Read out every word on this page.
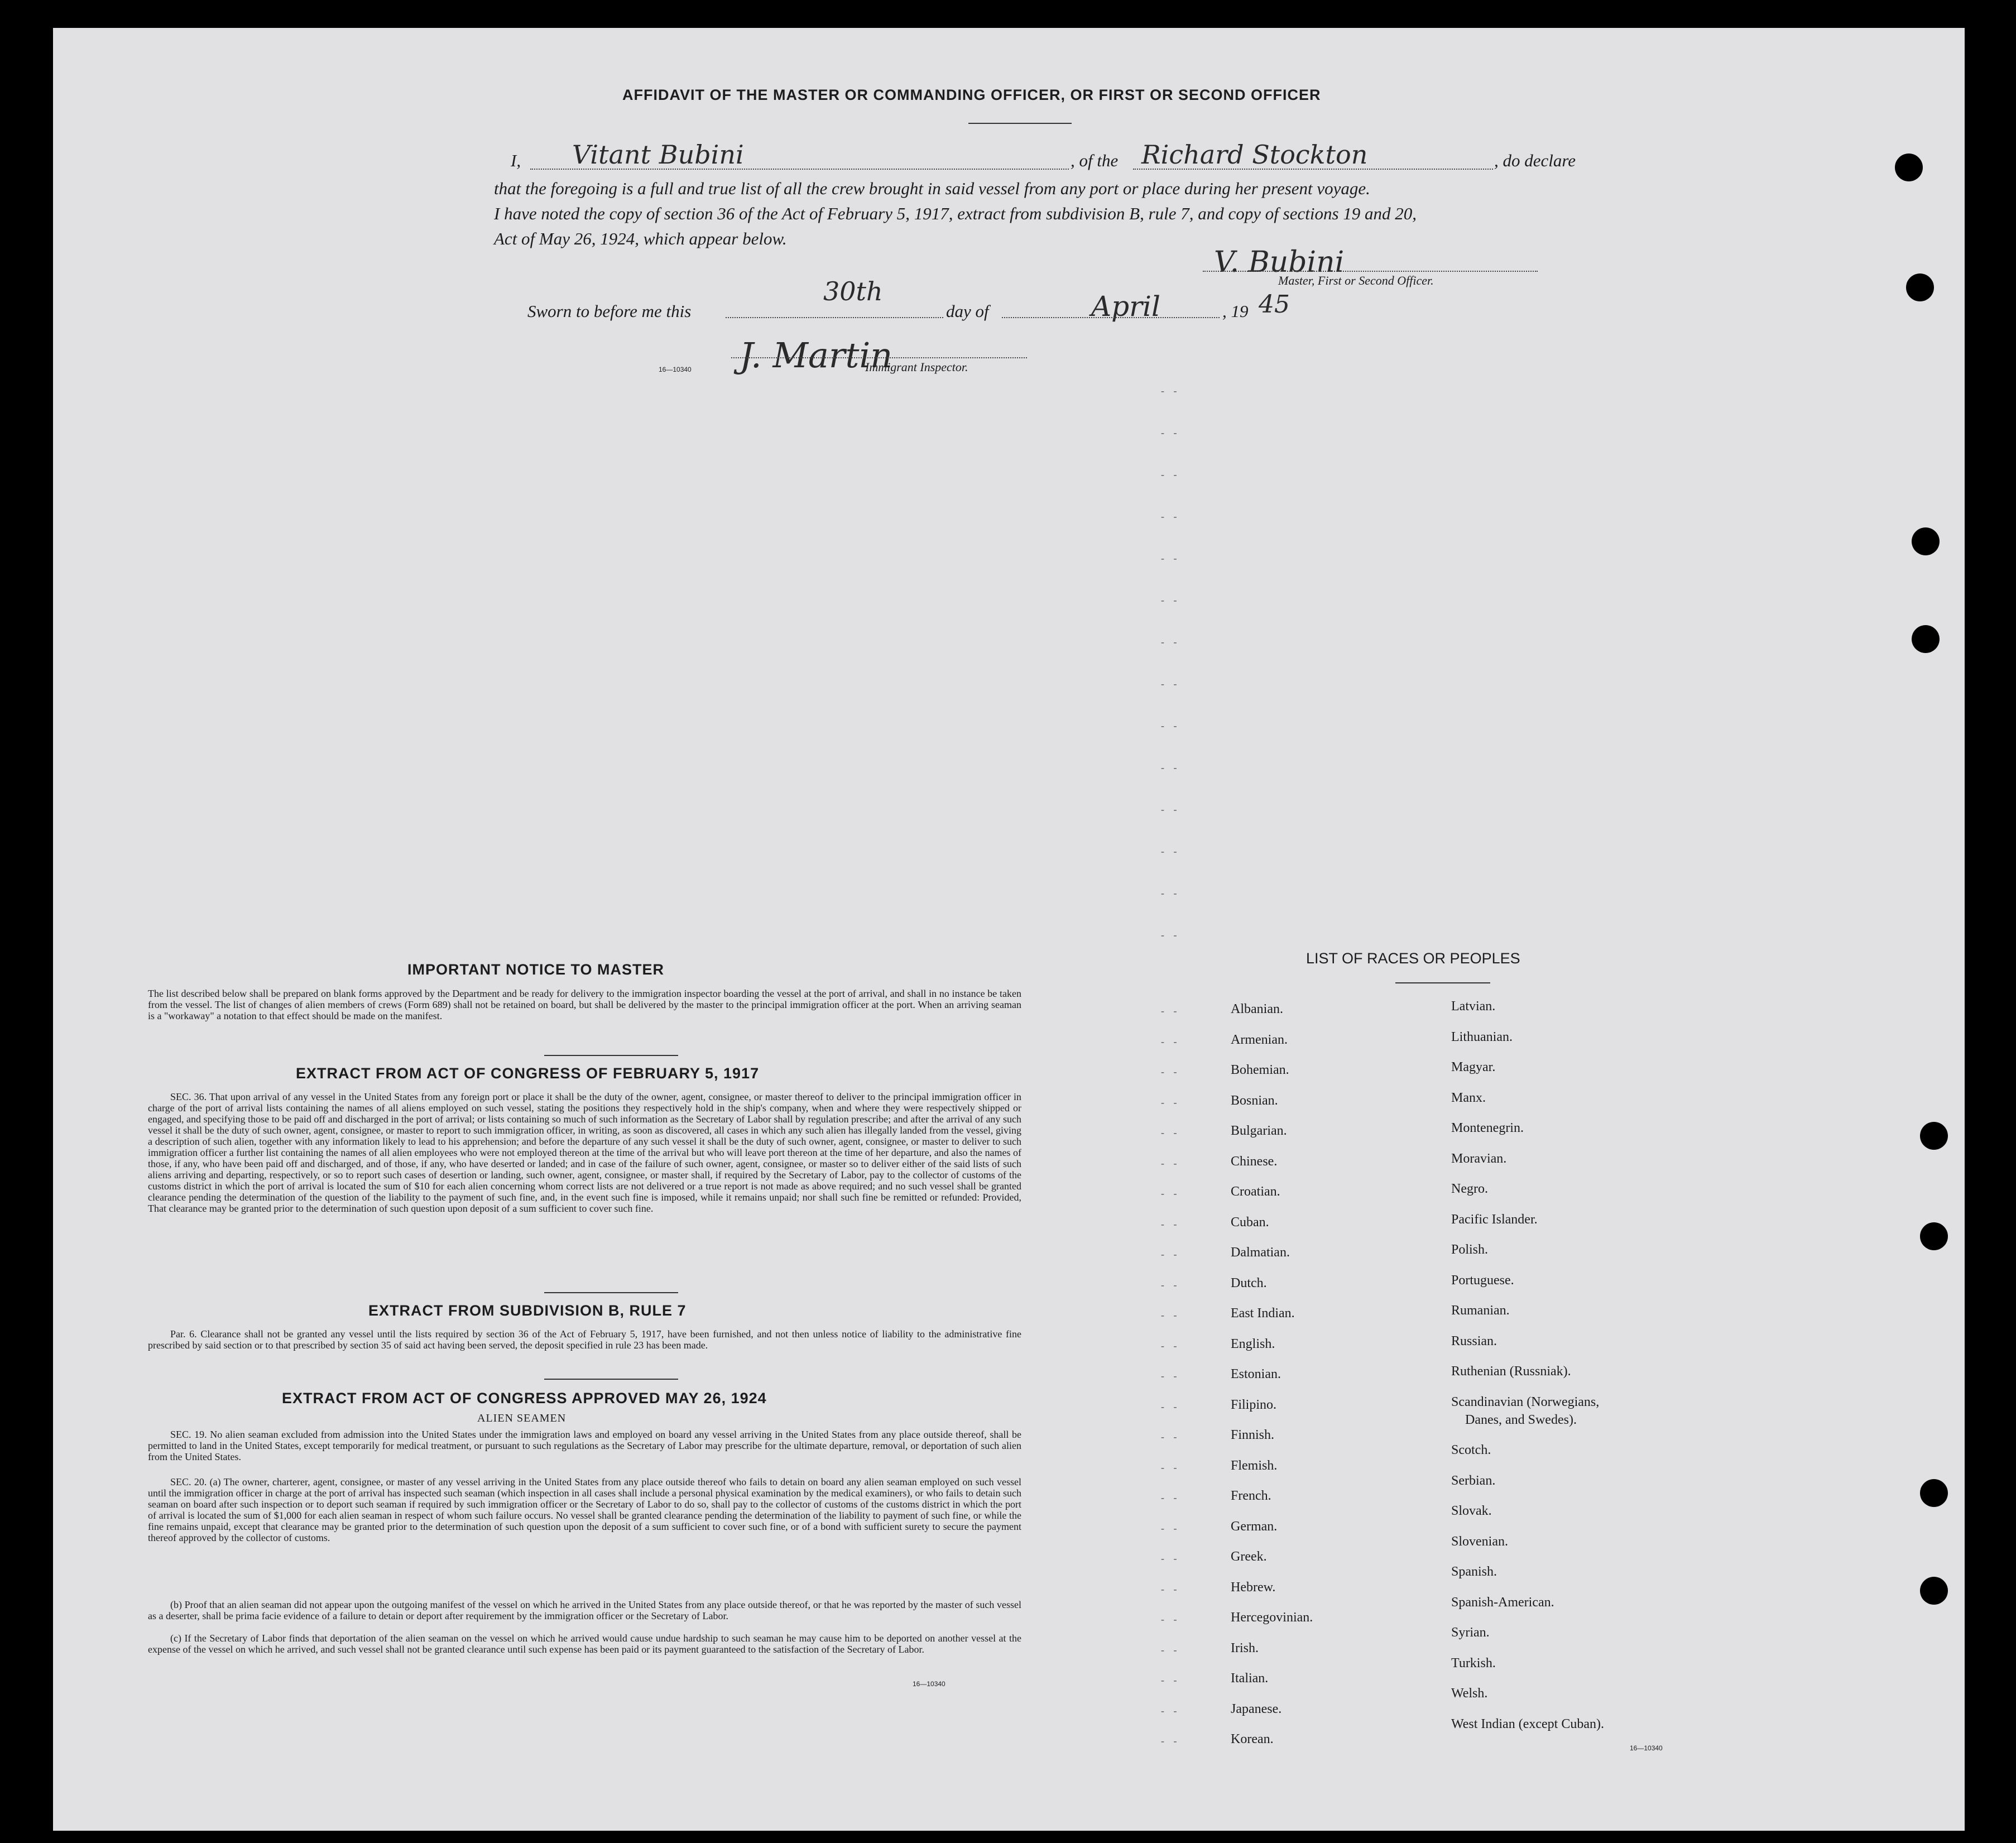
AFFIDAVIT OF THE MASTER OR COMMANDING OFFICER, OR FIRST OR SECOND OFFICER
I, Vitant Bubini	, of the Richard Stockton	, do declare
that the foregoing is a full and true list of all the crew brought in said vessel from any port or place during her present voyage.
I have noted the copy of section 36 of the Act of February 5, 1917, extract from subdivision B, rule 7, and copy of sections 19 and 20,
Act of May 26, 1924, which appear below.
V. Bubini
Master, First or Second Officer.
Sworn to before me this
30th
day of	April	, 19 45
J. Martin
Immigrant Inspector.
16—10340
- -
- -
- -
- -
- -
- -
- -
- -
- -
- -
- -
- -
- -
- -
IMPORTANT NOTICE TO MASTER
The list described below shall be prepared on blank forms approved by the Department and be ready for delivery to the immigration inspector boarding the vessel at the port of arrival, and shall in no instance be taken from the vessel. The list of changes of alien members of crews (Form 689) shall not be retained on board, but shall be delivered by the master to the principal immigration officer at the port. When an arriving seaman is a "workaway" a notation to that effect should be made on the manifest.
EXTRACT FROM ACT OF CONGRESS OF FEBRUARY 5, 1917
SEC. 36. That upon arrival of any vessel in the United States from any foreign port or place it shall be the duty of the owner, agent, consignee, or master thereof to deliver to the principal immigration officer in charge of the port of arrival lists containing the names of all aliens employed on such vessel, stating the positions they respectively hold in the ship's company, when and where they were respectively shipped or engaged, and specifying those to be paid off and discharged in the port of arrival; or lists containing so much of such information as the Secretary of Labor shall by regulation prescribe; and after the arrival of any such vessel it shall be the duty of such owner, agent, consignee, or master to report to such immigration officer, in writing, as soon as discovered, all cases in which any such alien has illegally landed from the vessel, giving a description of such alien, together with any information likely to lead to his apprehension; and before the departure of any such vessel it shall be the duty of such owner, agent, consignee, or master to deliver to such immigration officer a further list containing the names of all alien employees who were not employed thereon at the time of the arrival but who will leave port thereon at the time of her departure, and also the names of those, if any, who have been paid off and discharged, and of those, if any, who have deserted or landed; and in case of the failure of such owner, agent, consignee, or master so to deliver either of the said lists of such aliens arriving and departing, respectively, or so to report such cases of desertion or landing, such owner, agent, consignee, or master shall, if required by the Secretary of Labor, pay to the collector of customs of the customs district in which the port of arrival is located the sum of $10 for each alien concerning whom correct lists are not delivered or a true report is not made as above required; and no such vessel shall be granted clearance pending the determination of the question of the liability to the payment of such fine, and, in the event such fine is imposed, while it remains unpaid; nor shall such fine be remitted or refunded: Provided, That clearance may be granted prior to the determination of such question upon deposit of a sum sufficient to cover such fine.
EXTRACT FROM SUBDIVISION B, RULE 7
Par. 6. Clearance shall not be granted any vessel until the lists required by section 36 of the Act of February 5, 1917, have been furnished, and not then unless notice of liability to the administrative fine prescribed by said section or to that prescribed by section 35 of said act having been served, the deposit specified in rule 23 has been made.
EXTRACT FROM ACT OF CONGRESS APPROVED MAY 26, 1924
ALIEN SEAMEN
SEC. 19. No alien seaman excluded from admission into the United States under the immigration laws and employed on board any vessel arriving in the United States from any place outside thereof, shall be permitted to land in the United States, except temporarily for medical treatment, or pursuant to such regulations as the Secretary of Labor may prescribe for the ultimate departure, removal, or deportation of such alien from the United States.
SEC. 20. (a) The owner, charterer, agent, consignee, or master of any vessel arriving in the United States from any place outside thereof who fails to detain on board any alien seaman employed on such vessel until the immigration officer in charge at the port of arrival has inspected such seaman (which inspection in all cases shall include a personal physical examination by the medical examiners), or who fails to detain such seaman on board after such inspection or to deport such seaman if required by such immigration officer or the Secretary of Labor to do so, shall pay to the collector of customs of the customs district in which the port of arrival is located the sum of $1,000 for each alien seaman in respect of whom such failure occurs. No vessel shall be granted clearance pending the determination of the liability to payment of such fine, or while the fine remains unpaid, except that clearance may be granted prior to the determination of such question upon the deposit of a sum sufficient to cover such fine, or of a bond with sufficient surety to secure the payment thereof approved by the collector of customs.
(b) Proof that an alien seaman did not appear upon the outgoing manifest of the vessel on which he arrived in the United States from any place outside thereof, or that he was reported by the master of such vessel as a deserter, shall be prima facie evidence of a failure to detain or deport after requirement by the immigration officer or the Secretary of Labor.
(c) If the Secretary of Labor finds that deportation of the alien seaman on the vessel on which he arrived would cause undue hardship to such seaman he may cause him to be deported on another vessel at the expense of the vessel on which he arrived, and such vessel shall not be granted clearance until such expense has been paid or its payment guaranteed to the satisfaction of the Secretary of Labor.
16—10340
LIST OF RACES OR PEOPLES
16—10340
Albanian.
- -
Armenian.
- -
Bohemian.
- -
Bosnian.
- -
Bulgarian.
- -
Chinese.
- -
Croatian.
- -
Cuban.
- -
Dalmatian.
- -
Dutch.
- -
East Indian.
- -
English.
- -
Estonian.
- -
Filipino.
- -
Finnish.
- -
Flemish.
- -
French.
- -
German.
- -
Greek.
- -
Hebrew.
- -
Hercegovinian.
- -
Irish.
- -
Italian.
- -
Japanese.
- -
Korean.
- -
Latvian.
Lithuanian.
Magyar.
Manx.
Montenegrin.
Moravian.
Negro.
Pacific Islander.
Polish.
Portuguese.
Rumanian.
Russian.
Ruthenian (Russniak).
Scandinavian (Norwegians,
Danes, and Swedes).
Scotch.
Serbian.
Slovak.
Slovenian.
Spanish.
Spanish-American.
Syrian.
Turkish.
Welsh.
West Indian (except Cuban).
